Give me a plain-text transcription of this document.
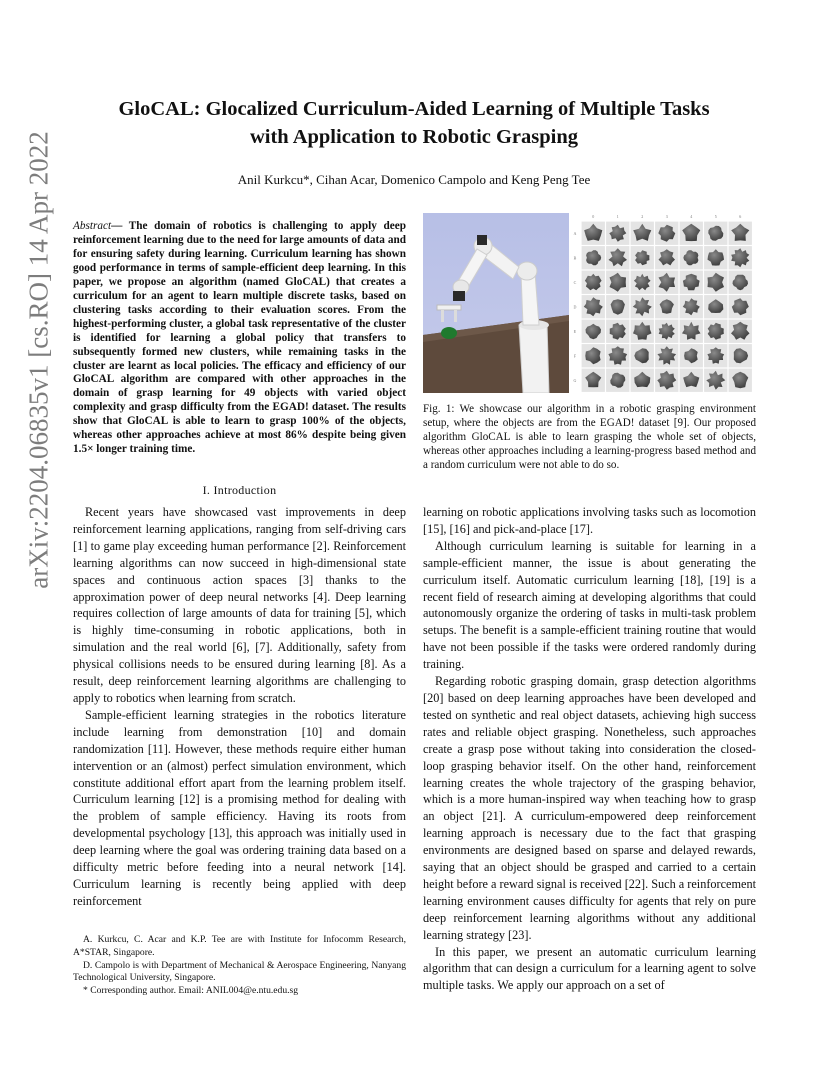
arXiv:2204.06835v1 [cs.RO] 14 Apr 2022
GloCAL: Glocalized Curriculum-Aided Learning of Multiple Tasks
with Application to Robotic Grasping
Anil Kurkcu*, Cihan Acar, Domenico Campolo and Keng Peng Tee
Abstract— The domain of robotics is challenging to apply deep reinforcement learning due to the need for large amounts of data and for ensuring safety during learning. Curriculum learning has shown good performance in terms of sample-efficient deep learning. In this paper, we propose an algorithm (named GloCAL) that creates a curriculum for an agent to learn multiple discrete tasks, based on clustering tasks according to their evaluation scores. From the highest-performing cluster, a global task representative of the cluster is identified for learning a global policy that transfers to subsequently formed new clusters, while remaining tasks in the cluster are learnt as local policies. The efficacy and efficiency of our GloCAL algorithm are compared with other approaches in the domain of grasp learning for 49 objects with varied object complexity and grasp difficulty from the EGAD! dataset. The results show that GloCAL is able to learn to grasp 100% of the objects, whereas other approaches achieve at most 86% despite being given 1.5× longer training time.
0	1	2	3	4	5	6
A
B
C
D
E
F
G
Fig. 1: We showcase our algorithm in a robotic grasping environment setup, where the objects are from the EGAD! dataset [9]. Our proposed algorithm GloCAL is able to learn grasping the whole set of objects, whereas other approaches including a learning-progress based method and a random curriculum were not able to do so.
I. Introduction

Recent years have showcased vast improvements in deep reinforcement learning applications, ranging from self-driving cars [1] to game play exceeding human performance [2]. Reinforcement learning algorithms can now succeed in high-dimensional state spaces and continuous action spaces [3] thanks to the approximation power of deep neural networks [4]. Deep learning requires collection of large amounts of data for training [5], which is highly time-consuming in robotic applications, both in simulation and the real world [6], [7]. Additionally, safety from physical collisions needs to be ensured during learning [8]. As a result, deep reinforcement learning algorithms are challenging to apply to robotics when learning from scratch.

Sample-efficient learning strategies in the robotics literature include learning from demonstration [10] and domain randomization [11]. However, these methods require either human intervention or an (almost) perfect simulation environment, which constitute additional effort apart from the learning problem itself. Curriculum learning [12] is a promising method for dealing with the problem of sample efficiency. Having its roots from developmental psychology [13], this approach was initially used in deep learning where the goal was ordering training data based on a difficulty metric before feeding into a neural network [14]. Curriculum learning is recently being applied with deep reinforcement

A. Kurkcu, C. Acar and K.P. Tee are with Institute for Infocomm Research, A*STAR, Singapore.

D. Campolo is with Department of Mechanical & Aerospace Engineering, Nanyang Technological University, Singapore.

* Corresponding author. Email: ANIL004@e.ntu.edu.sg

learning on robotic applications involving tasks such as locomotion [15], [16] and pick-and-place [17].

Although curriculum learning is suitable for learning in a sample-efficient manner, the issue is about generating the curriculum itself. Automatic curriculum learning [18], [19] is a recent field of research aiming at developing algorithms that could autonomously organize the ordering of tasks in multi-task problem setups. The benefit is a sample-efficient training routine that would have not been possible if the tasks were ordered randomly during training.

Regarding robotic grasping domain, grasp detection algorithms [20] based on deep learning approaches have been developed and tested on synthetic and real object datasets, achieving high success rates and reliable object grasping. Nonetheless, such approaches create a grasp pose without taking into consideration the closed-loop grasping behavior itself. On the other hand, reinforcement learning creates the whole trajectory of the grasping behavior, which is a more human-inspired way when teaching how to grasp an object [21]. A curriculum-empowered deep reinforcement learning approach is necessary due to the fact that grasping environments are designed based on sparse and delayed rewards, saying that an object should be grasped and carried to a certain height before a reward signal is received [22]. Such a reinforcement learning environment causes difficulty for agents that rely on pure deep reinforcement learning algorithms without any additional learning strategy [23].

In this paper, we present an automatic curriculum learning algorithm that can design a curriculum for a learning agent to solve multiple tasks. We apply our approach on a set of
